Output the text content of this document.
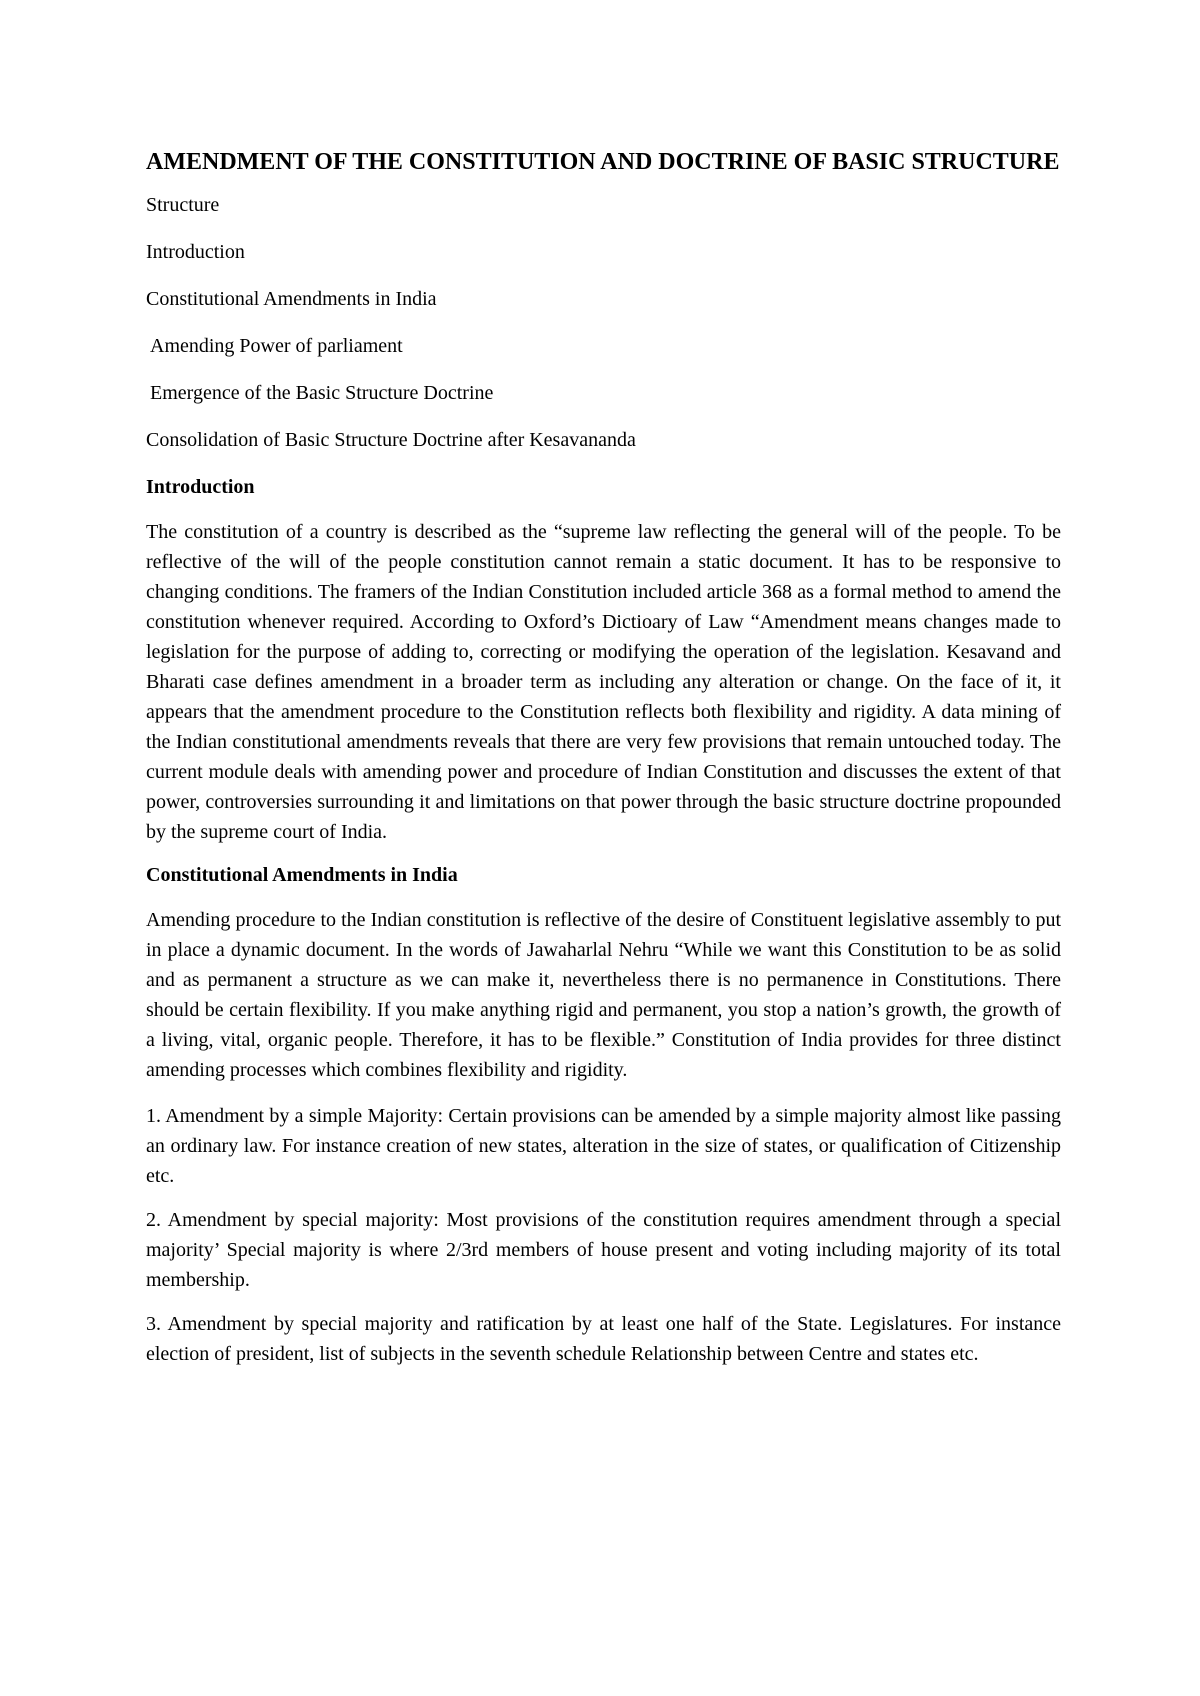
AMENDMENT OF THE CONSTITUTION AND DOCTRINE OF BASIC STRUCTURE
Structure
Introduction
Constitutional Amendments in India
Amending Power of parliament
Emergence of the Basic Structure Doctrine
Consolidation of Basic Structure Doctrine after Kesavananda
Introduction

The constitution of a country is described as the “supreme law reflecting the general will of the people. To be reflective of the will of the people constitution cannot remain a static document. It has to be responsive to changing conditions. The framers of the Indian Constitution included article 368 as a formal method to amend the constitution whenever required. According to Oxford’s Dictioary of Law “Amendment means changes made to legislation for the purpose of adding to, correcting or modifying the operation of the legislation. Kesavand and Bharati case defines amendment in a broader term as including any alteration or change. On the face of it, it appears that the amendment procedure to the Constitution reflects both flexibility and rigidity. A data mining of the Indian constitutional amendments reveals that there are very few provisions that remain untouched today. The current module deals with amending power and procedure of Indian Constitution and discusses the extent of that power, controversies surrounding it and limitations on that power through the basic structure doctrine propounded by the supreme court of India.

Constitutional Amendments in India

Amending procedure to the Indian constitution is reflective of the desire of Constituent legislative assembly to put in place a dynamic document. In the words of Jawaharlal Nehru “While we want this Constitution to be as solid and as permanent a structure as we can make it, nevertheless there is no permanence in Constitutions. There should be certain flexibility. If you make anything rigid and permanent, you stop a nation’s growth, the growth of a living, vital, organic people. Therefore, it has to be flexible.” Constitution of India provides for three distinct amending processes which combines flexibility and rigidity.

1. Amendment by a simple Majority: Certain provisions can be amended by a simple majority almost like passing an ordinary law. For instance creation of new states, alteration in the size of states, or qualification of Citizenship etc.

2. Amendment by special majority: Most provisions of the constitution requires amendment through a special majority’ Special majority is where 2/3rd members of house present and voting including majority of its total membership.

3. Amendment by special majority and ratification by at least one half of the State. Legislatures. For instance election of president, list of subjects in the seventh schedule Relationship between Centre and states etc.
